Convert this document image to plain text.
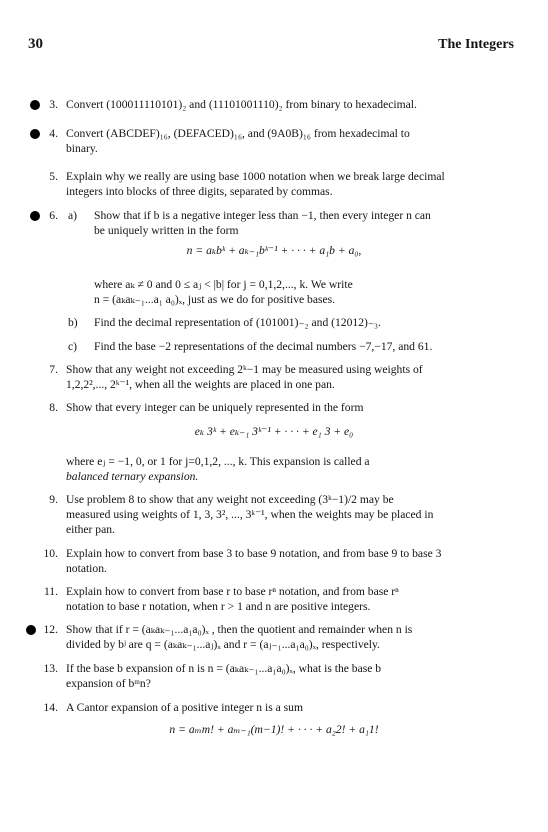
30	The Integers
3. Convert (100011110101)₂ and (11101001110)₂ from binary to hexadecimal.
4. Convert (ABCDEF)₁₆, (DEFACED)₁₆, and (9A0B)₁₆ from hexadecimal to
binary.
5. Explain why we really are using base 1000 notation when we break large decimal
integers into blocks of three digits, separated by commas.
6. a)	Show that if b is a negative integer less than −1, then every integer n can
be uniquely written in the form
n = aₖbᵏ + aₖ₋₁bᵏ⁻¹ + · · · + a₁b + a₀,
where aₖ ≠ 0 and 0 ≤ aⱼ < |b| for j = 0,1,2,..., k. We write
n = (aₖaₖ₋₁...a₁ a₀)ₓ, just as we do for positive bases.
b)	Find the decimal representation of (101001)₋₂ and (12012)₋₃.
c)	Find the base −2 representations of the decimal numbers −7,−17, and 61.
7. Show that any weight not exceeding 2ᵏ−1 may be measured using weights of
1,2,2²,..., 2ᵏ⁻¹, when all the weights are placed in one pan.
8. Show that every integer can be uniquely represented in the form
eₖ 3ᵏ + eₖ₋₁ 3ᵏ⁻¹ + · · · + e₁ 3 + e₀
where eⱼ = −1, 0, or 1 for j=0,1,2, ..., k. This expansion is called a
balanced ternary expansion.
9. Use problem 8 to show that any weight not exceeding (3ᵏ−1)/2 may be
measured using weights of 1, 3, 3², ..., 3ᵏ⁻¹, when the weights may be placed in
either pan.
10. Explain how to convert from base 3 to base 9 notation, and from base 9 to base 3
notation.
11. Explain how to convert from base r to base rⁿ notation, and from base rⁿ
notation to base r notation, when r > 1 and n are positive integers.
12. Show that if r = (aₖaₖ₋₁...a₁a₀)ₓ , then the quotient and remainder when n is
divided by bʲ are q = (aₖaₖ₋₁...aⱼ)ₓ and r = (aⱼ₋₁...a₁a₀)ₓ, respectively.
13. If the base b expansion of n is n = (aₖaₖ₋₁...a₁a₀)ₓ, what is the base b
expansion of bᵐn?
14. A Cantor expansion of a positive integer n is a sum
n = aₘm! + aₘ₋₁(m−1)! + · · · + a₂2! + a₁1!
